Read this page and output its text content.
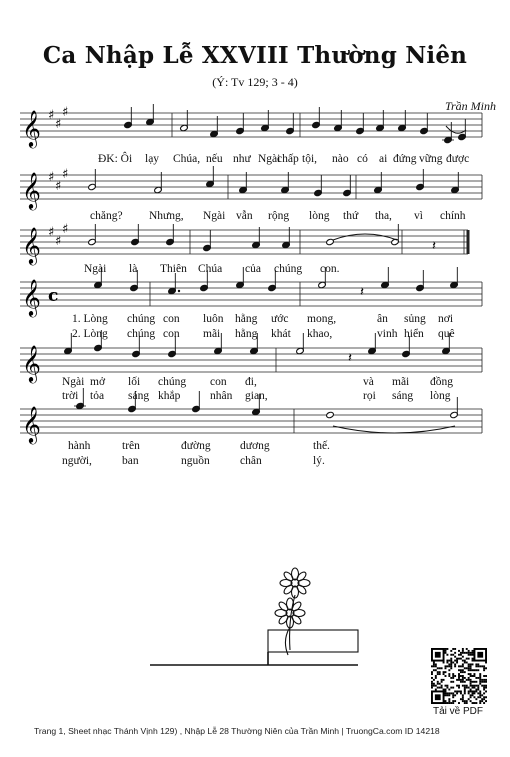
Ca Nhập Lễ XXVIII Thường Niên
(Ý: Tv 129; 3 - 4)
Trần Minh
𝄞 ♯
♯
♯
𝄞 ♯
♯
♯
𝄞 ♯
♯
♯
𝄞 c
𝄞
𝄞
𝄽
𝄽
𝄽
ĐK: Ôi lạy Chúa, nếu như Ngài
chấp tội, nào có ai đứng vững được
chăng? Nhưng, Ngài vẫn rộng lòng thứ tha, vì chính
Ngài là Thiên Chúa của chúng con.
1. Lòng chúng con luôn hằng ước mong,	ân sủng nơi
2. Lòng chúng con mãi hằng khát khao,	vinh hiển quê
Ngài mở lối chúng con đi,	và mãi đồng
trời tỏa sáng khắp	nhân gian,	rọi sáng lòng
hành	trên	đường	dương	thế.
người,	ban	nguồn	chân	lý.
Tải về PDF
Trang 1, Sheet nhạc Thánh Vịnh 129) , Nhập Lễ 28 Thường Niên của Trần Minh | TruongCa.com ID 14218
